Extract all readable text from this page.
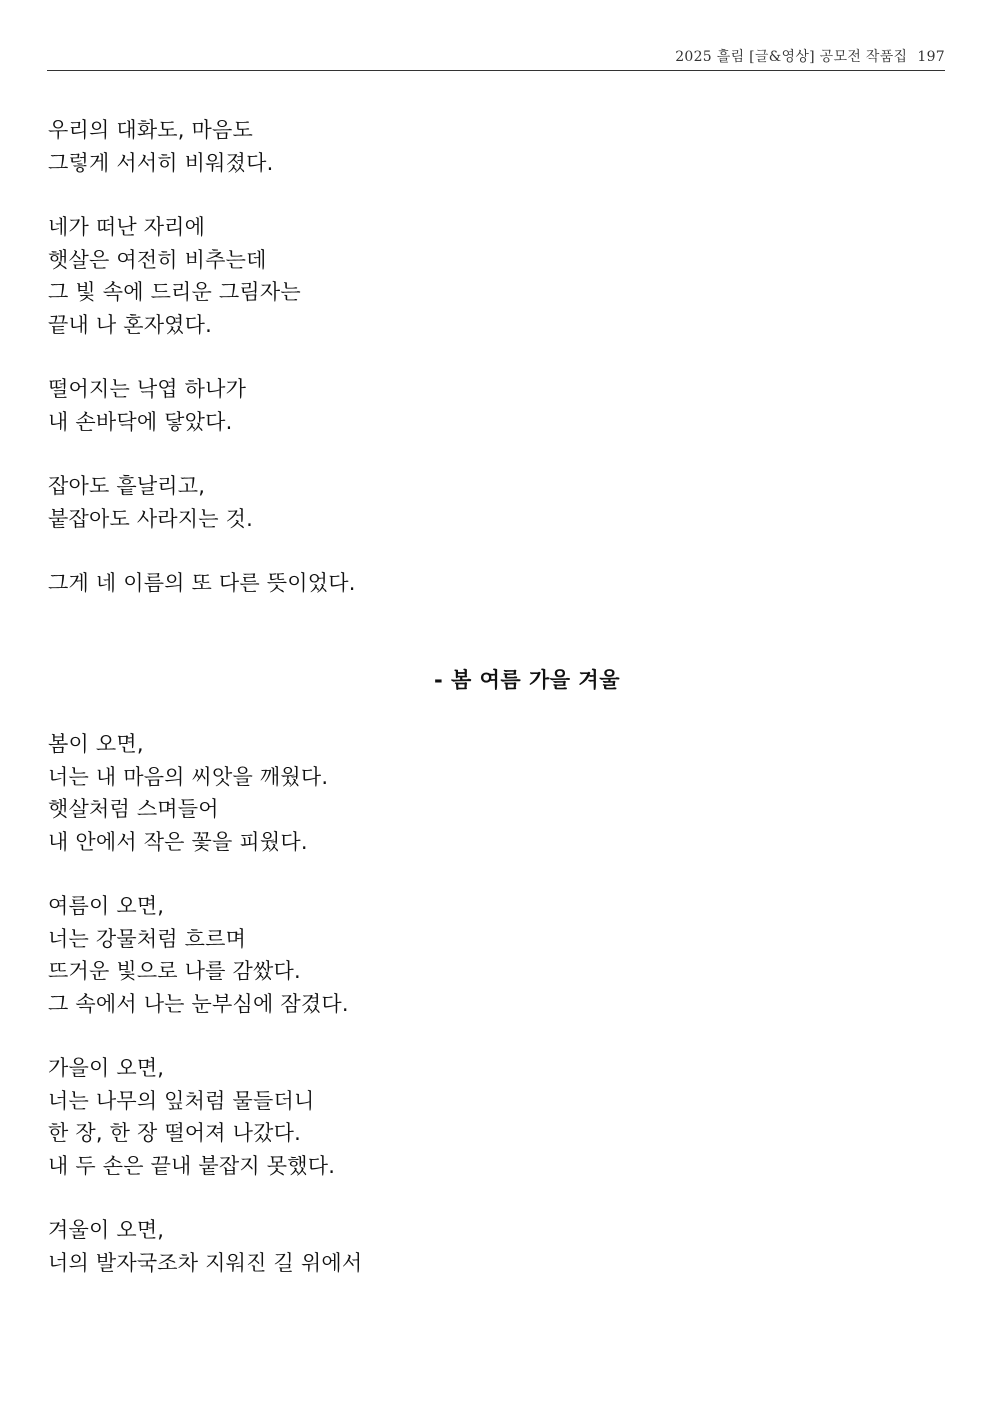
2025 흘림 [글&영상] 공모전 작품집 197
우리의 대화도, 마음도
그렇게 서서히 비워졌다.
네가 떠난 자리에
햇살은 여전히 비추는데
그 빛 속에 드리운 그림자는
끝내 나 혼자였다.
떨어지는 낙엽 하나가
내 손바닥에 닿았다.
잡아도 흩날리고,
붙잡아도 사라지는 것.
그게 네 이름의 또 다른 뜻이었다.
- 봄 여름 가을 겨울
봄이 오면,
너는 내 마음의 씨앗을 깨웠다.
햇살처럼 스며들어
내 안에서 작은 꽃을 피웠다.
여름이 오면,
너는 강물처럼 흐르며
뜨거운 빛으로 나를 감쌌다.
그 속에서 나는 눈부심에 잠겼다.
가을이 오면,
너는 나무의 잎처럼 물들더니
한 장, 한 장 떨어져 나갔다.
내 두 손은 끝내 붙잡지 못했다.
겨울이 오면,
너의 발자국조차 지워진 길 위에서
